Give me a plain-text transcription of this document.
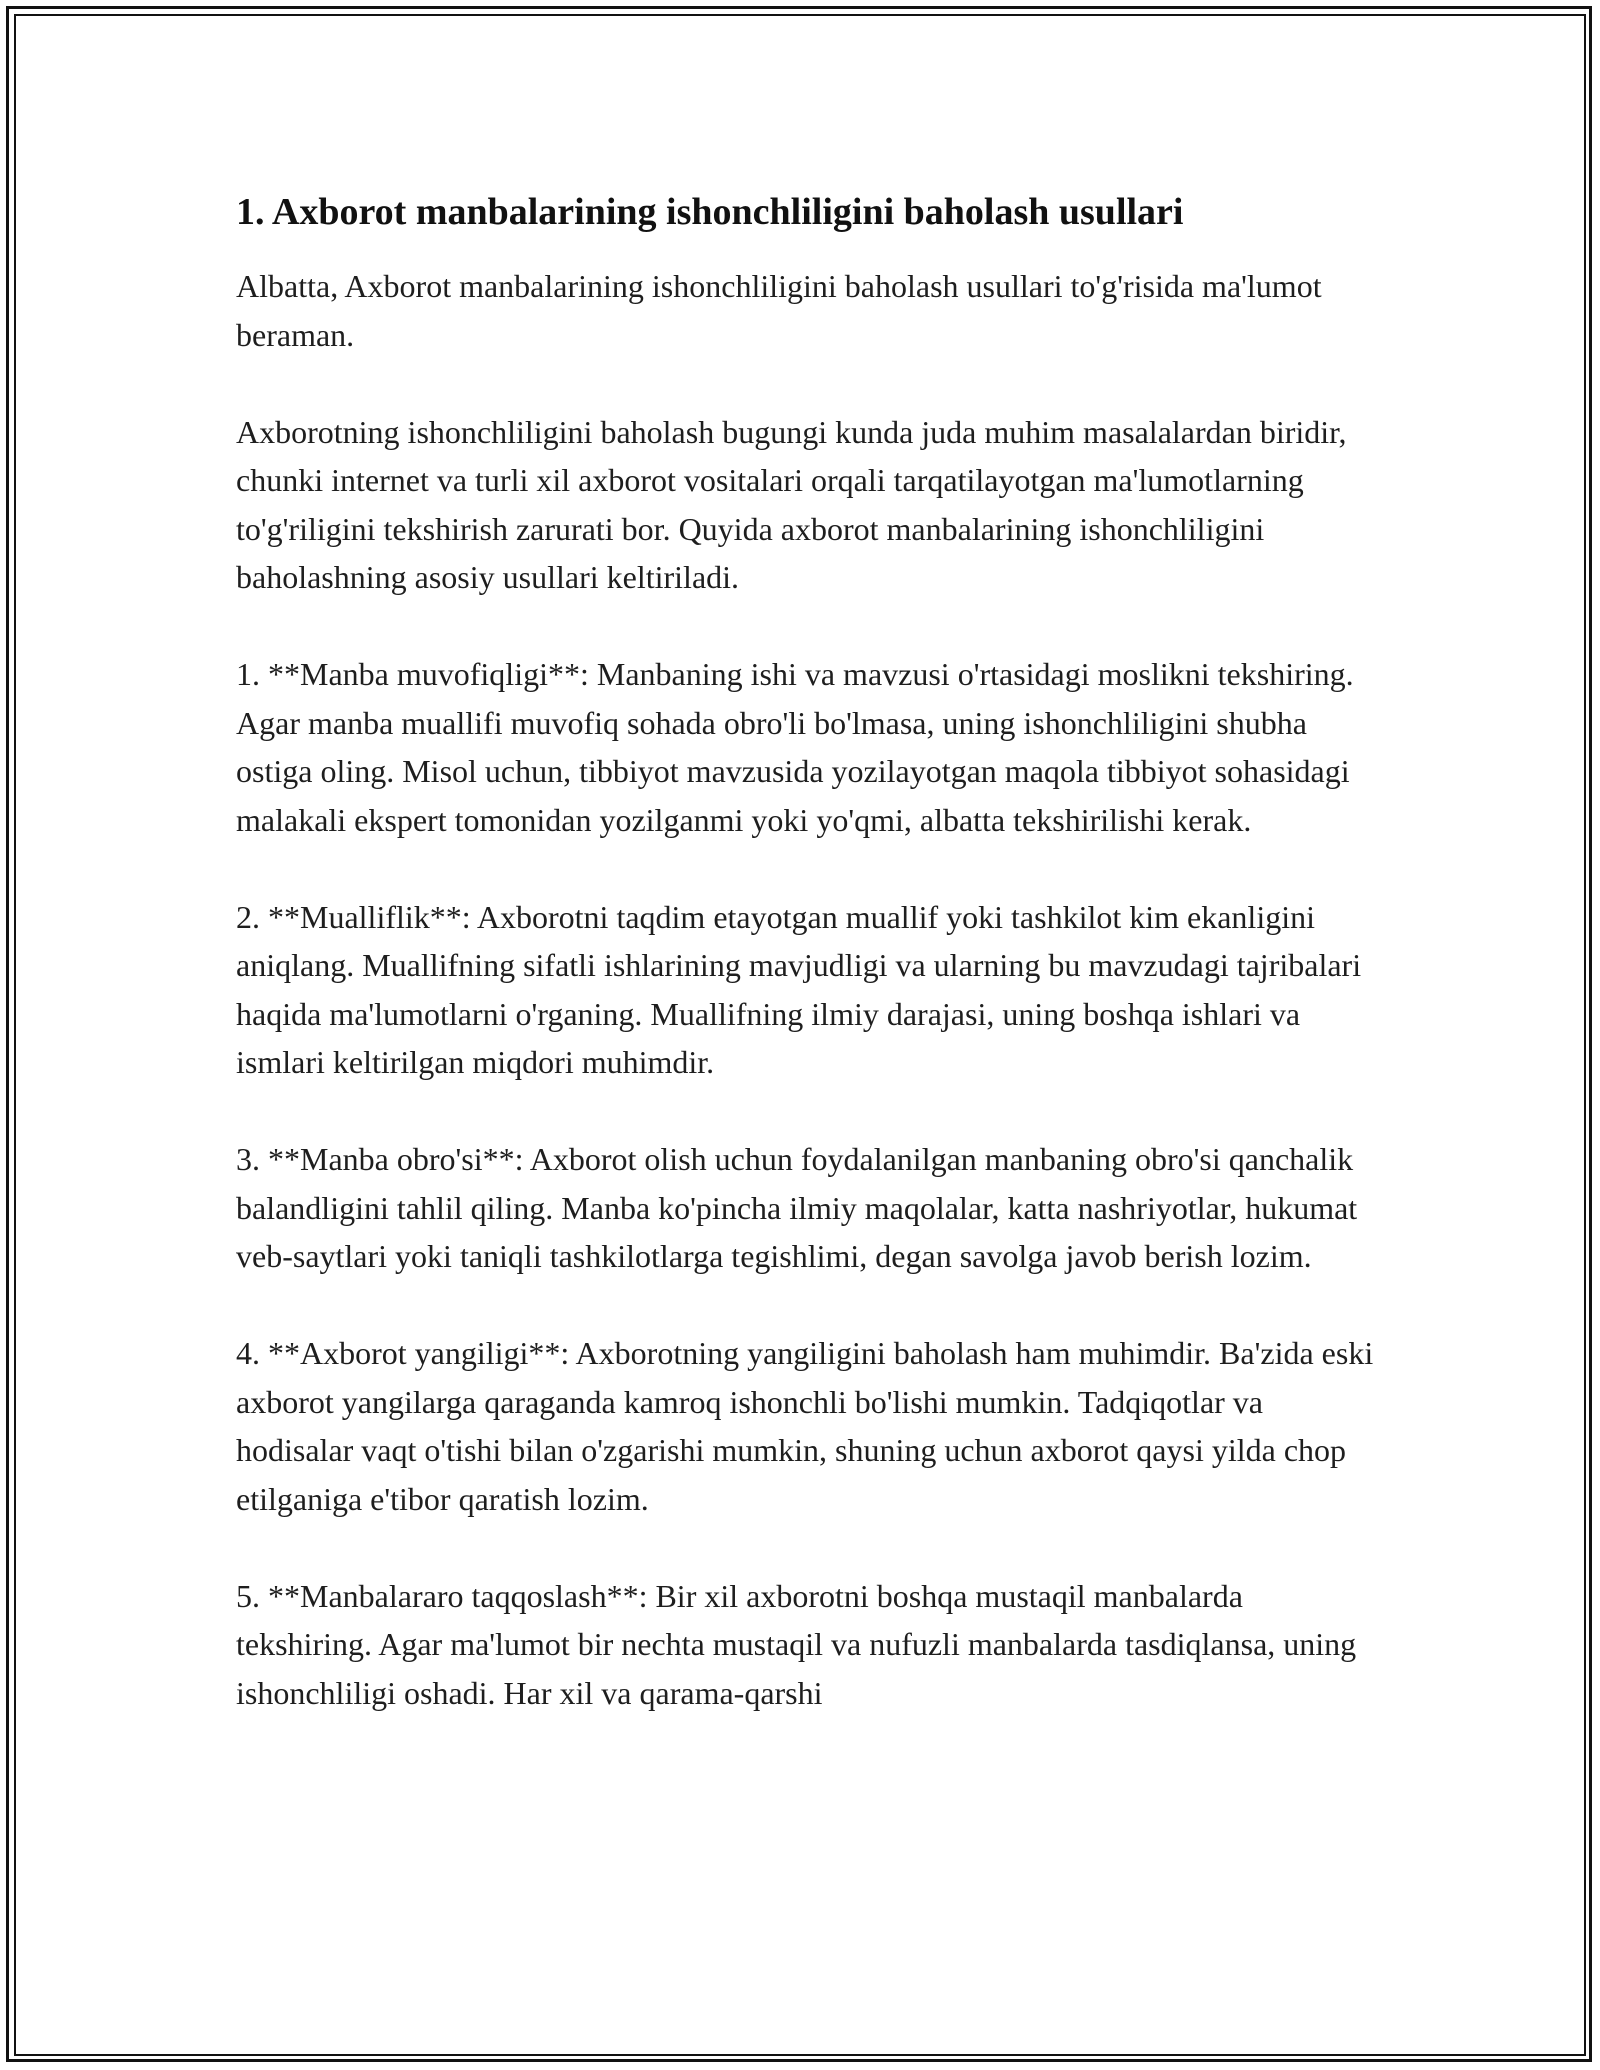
1. Axborot manbalarining ishonchliligini baholash usullari

Albatta, Axborot manbalarining ishonchliligini baholash usullari to'g'risida ma'lumot beraman.

Axborotning ishonchliligini baholash bugungi kunda juda muhim masalalardan biridir, chunki internet va turli xil axborot vositalari orqali tarqatilayotgan ma'lumotlarning to'g'riligini tekshirish zarurati bor. Quyida axborot manbalarining ishonchliligini baholashning asosiy usullari keltiriladi.

1. **Manba muvofiqligi**: Manbaning ishi va mavzusi o'rtasidagi moslikni tekshiring. Agar manba muallifi muvofiq sohada obro'li bo'lmasa, uning ishonchliligini shubha ostiga oling. Misol uchun, tibbiyot mavzusida yozilayotgan maqola tibbiyot sohasidagi malakali ekspert tomonidan yozilganmi yoki yo'qmi, albatta tekshirilishi kerak.

2. **Mualliflik**: Axborotni taqdim etayotgan muallif yoki tashkilot kim ekanligini aniqlang. Muallifning sifatli ishlarining mavjudligi va ularning bu mavzudagi tajribalari haqida ma'lumotlarni o'rganing. Muallifning ilmiy darajasi, uning boshqa ishlari va ismlari keltirilgan miqdori muhimdir.

3. **Manba obro'si**: Axborot olish uchun foydalanilgan manbaning obro'si qanchalik balandligini tahlil qiling. Manba ko'pincha ilmiy maqolalar, katta nashriyotlar, hukumat veb-saytlari yoki taniqli tashkilotlarga tegishlimi, degan savolga javob berish lozim.

4. **Axborot yangiligi**: Axborotning yangiligini baholash ham muhimdir. Ba'zida eski axborot yangilarga qaraganda kamroq ishonchli bo'lishi mumkin. Tadqiqotlar va hodisalar vaqt o'tishi bilan o'zgarishi mumkin, shuning uchun axborot qaysi yilda chop etilganiga e'tibor qaratish lozim.

5. **Manbalararo taqqoslash**: Bir xil axborotni boshqa mustaqil manbalarda tekshiring. Agar ma'lumot bir nechta mustaqil va nufuzli manbalarda tasdiqlansa, uning ishonchliligi oshadi. Har xil va qarama-qarshi
